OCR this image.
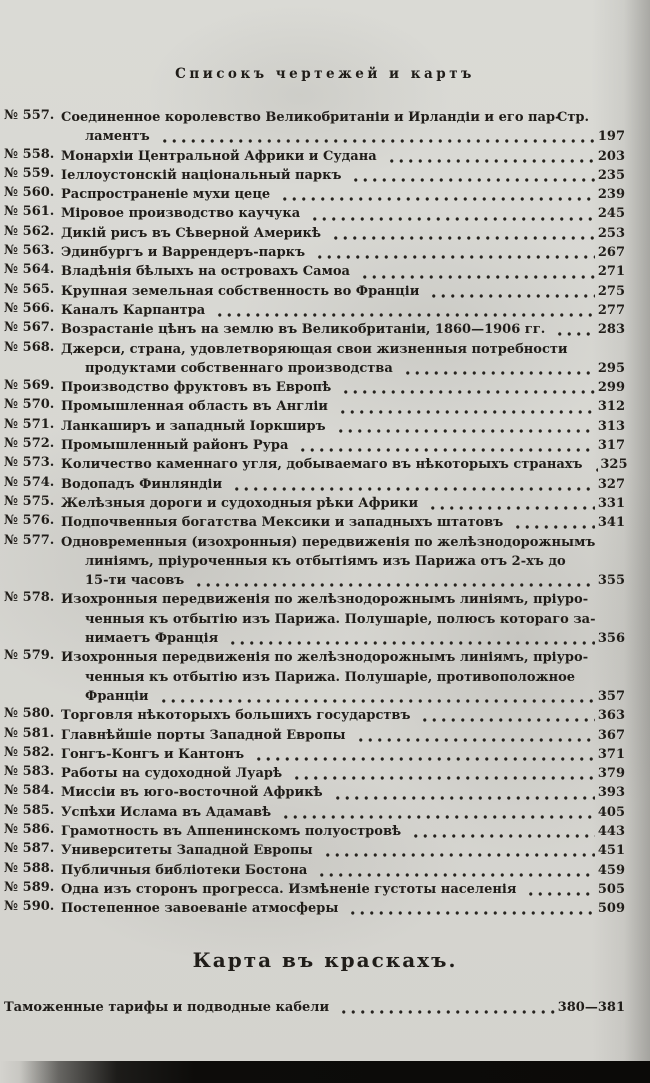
Списокъ чертежей и картъ
Стр.
№ 557. Соединенное королевство Великобританіи и Ирландіи и его пар-
ламентъ	197
№ 558. Монархіи Центральной Африки и Судана	203
№ 559. Іеллоустонскій національный паркъ	235
№ 560. Распространеніе мухи цеце	239
№ 561. Міровое производство каучука	245
№ 562. Дикій рисъ въ Сѣверной Америкѣ	253
№ 563. Эдинбургъ и Варрендеръ-паркъ	267
№ 564. Владѣнія бѣлыхъ на островахъ Самоа	271
№ 565. Крупная земельная собственность во Франціи	275
№ 566. Каналъ Карпантра	277
№ 567. Возрастаніе цѣнъ на землю въ Великобританіи, 1860—1906 гг.	283
№ 568. Джерси, страна, удовлетворяющая свои жизненныя потребности
продуктами собственнаго производства	295
№ 569. Производство фруктовъ въ Европѣ	299
№ 570. Промышленная область въ Англіи	312
№ 571. Ланкаширъ и западный Іоркширъ	313
№ 572. Промышленный районъ Рура	317
№ 573. Количество каменнаго угля, добываемаго въ нѣкоторыхъ странахъ 325
№ 574. Водопадъ Финляндіи	327
№ 575. Желѣзныя дороги и судоходныя рѣки Африки	331
№ 576. Подпочвенныя богатства Мексики и западныхъ штатовъ	341
№ 577. Одновременныя (изохронныя) передвиженія по желѣзнодорожнымъ
линіямъ, пріуроченныя къ отбытіямъ изъ Парижа отъ 2-хъ до
15-ти часовъ	355
№ 578. Изохронныя передвиженія по желѣзнодорожнымъ линіямъ, пріуро-
ченныя къ отбытію изъ Парижа. Полушаріе, полюсъ котораго за-
нимаетъ Франція	356
№ 579. Изохронныя передвиженія по желѣзнодорожнымъ линіямъ, пріуро-
ченныя къ отбытію изъ Парижа. Полушаріе, противоположное
Франціи	357
№ 580. Торговля нѣкоторыхъ большихъ государствъ	363
№ 581. Главнѣйшіе порты Западной Европы	367
№ 582. Гонгъ-Конгъ и Кантонъ	371
№ 583. Работы на судоходной Луарѣ	379
№ 584. Миссіи въ юго-восточной Африкѣ	393
№ 585. Успѣхи Ислама въ Адамавѣ	405
№ 586. Грамотность въ Аппенинскомъ полуостровѣ	443
№ 587. Университеты Западной Европы	451
№ 588. Публичныя библіотеки Бостона	459
№ 589. Одна изъ сторонъ прогресса. Измѣненіе густоты населенія	505
№ 590. Постепенное завоеваніе атмосферы	509
Карта въ краскахъ.
Таможенные тарифы и подводные кабели	380—381
